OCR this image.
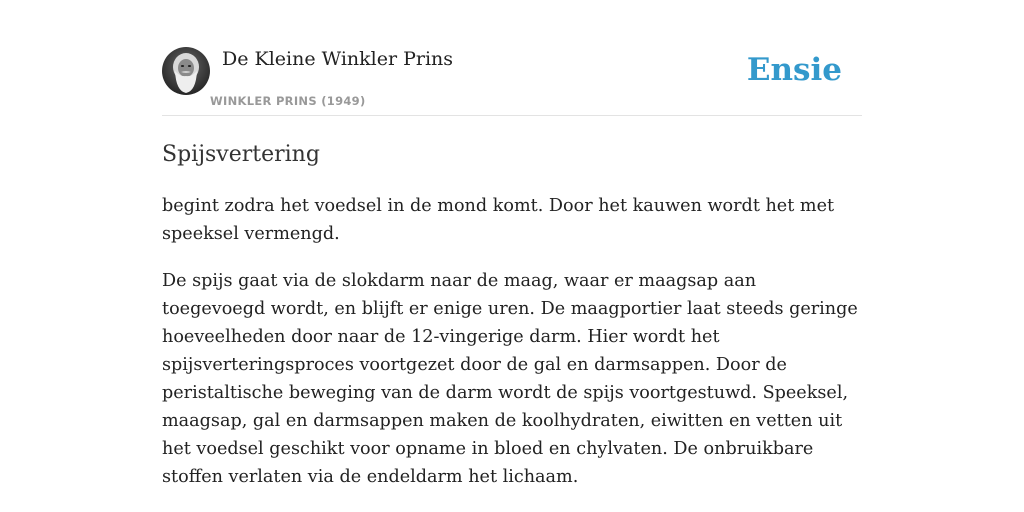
De Kleine Winkler Prins
WINKLER PRINS (1949)
Ensie
Spijsvertering

begint zodra het voedsel in de mond komt. Door het kauwen wordt het met speeksel vermengd.

De spijs gaat via de slokdarm naar de maag, waar er maagsap aan toegevoegd wordt, en blijft er enige uren. De maagportier laat steeds geringe hoeveelheden door naar de 12-vingerige darm. Hier wordt het spijsverteringsproces voortgezet door de gal en darmsappen. Door de peristaltische beweging van de darm wordt de spijs voortgestuwd. Speeksel, maagsap, gal en darmsappen maken de koolhydraten, eiwitten en vetten uit het voedsel geschikt voor opname in bloed en chylvaten. De onbruikbare stoffen verlaten via de endeldarm het lichaam.
